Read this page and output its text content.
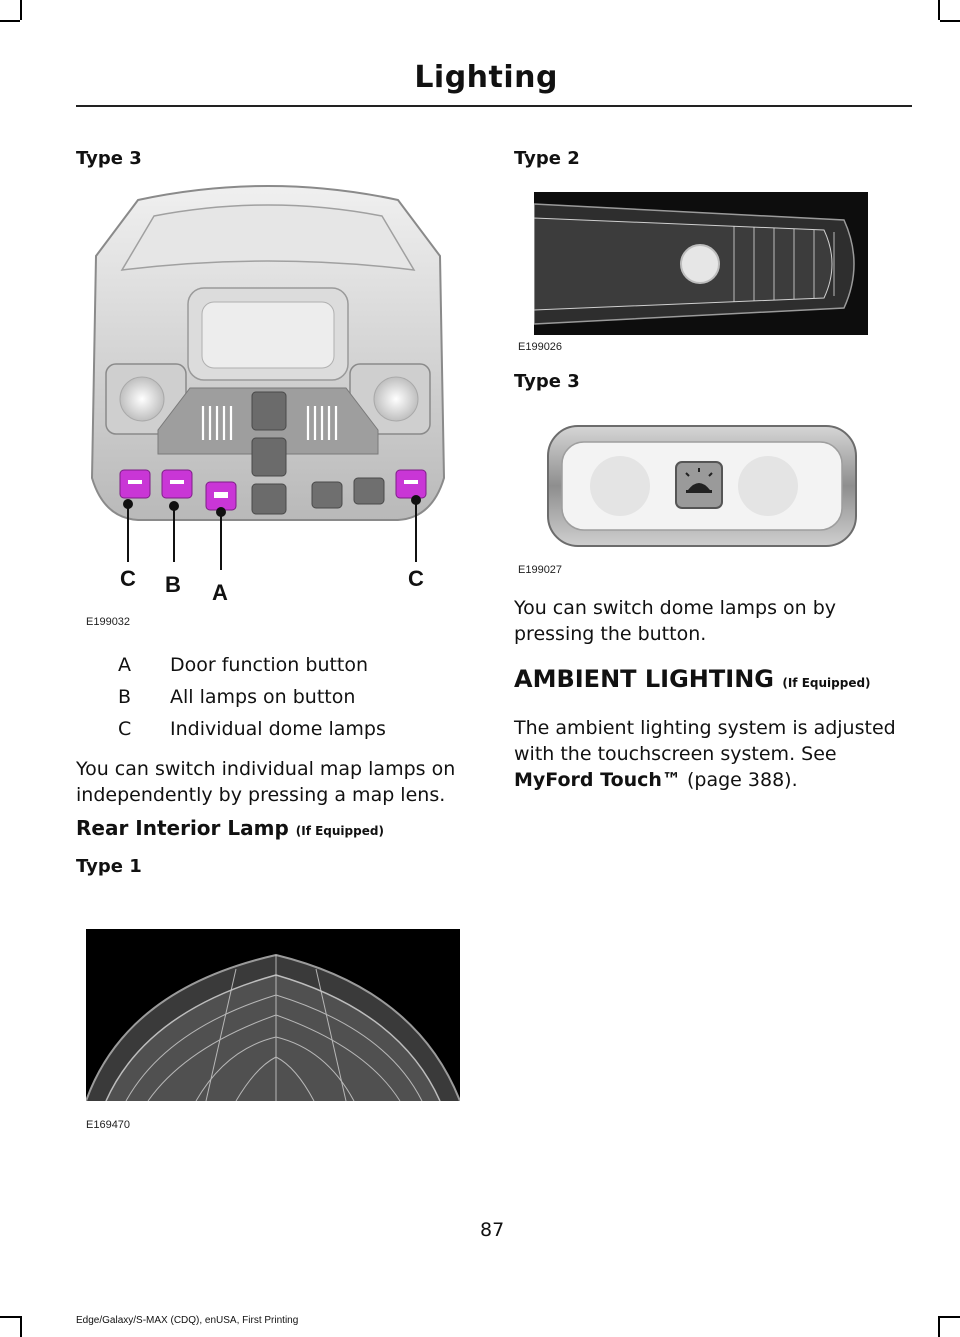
Lighting
Type 3
C B A
C
E199032
A	Door function button
B	All lamps on button
C	Individual dome lamps
You can switch individual map lamps on independently by pressing a map lens.
Rear Interior Lamp (If Equipped)
Type 1
E169470
Type 2
E199026
Type 3
E199027
You can switch dome lamps on by pressing the button.
AMBIENT LIGHTING (If Equipped)
The ambient lighting system is adjusted with the touchscreen system. See MyFord Touch™ (page 388).
87
Edge/Galaxy/S-MAX (CDQ), enUSA, First Printing
